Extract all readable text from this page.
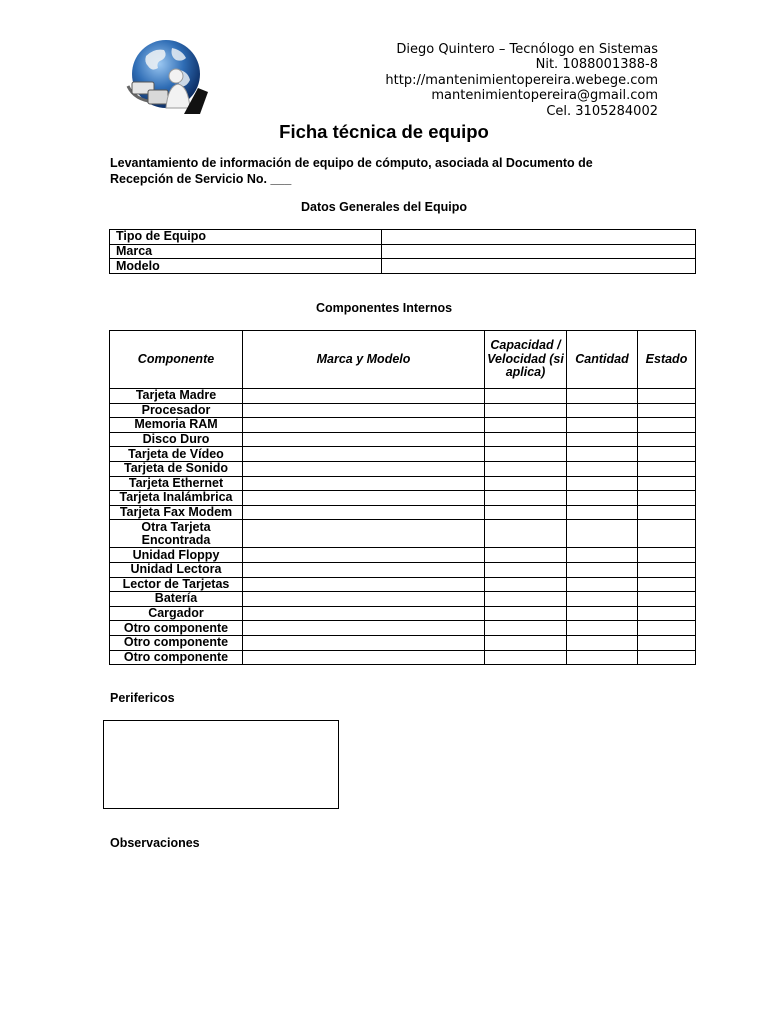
Diego Quintero – Tecnólogo en Sistemas
Nit. 1088001388-8
http://mantenimientopereira.webege.com
mantenimientopereira@gmail.com
Cel. 3105284002
Ficha técnica de equipo
Levantamiento de información de equipo de cómputo, asociada al Documento de Recepción de Servicio No. ___
Datos Generales del Equipo
Tipo de Equipo	
Marca	
Modelo	
Componentes Internos
Componente	Marca y Modelo	Capacidad / Velocidad (si aplica)	Cantidad	Estado
Tarjeta Madre				
Procesador				
Memoria RAM				
Disco Duro				
Tarjeta de Vídeo				
Tarjeta de Sonido				
Tarjeta Ethernet				
Tarjeta Inalámbrica				
Tarjeta Fax Modem				
Otra Tarjeta Encontrada				
Unidad Floppy				
Unidad Lectora				
Lector de Tarjetas				
Batería				
Cargador				
Otro componente				
Otro componente				
Otro componente				
Perifericos
Observaciones
